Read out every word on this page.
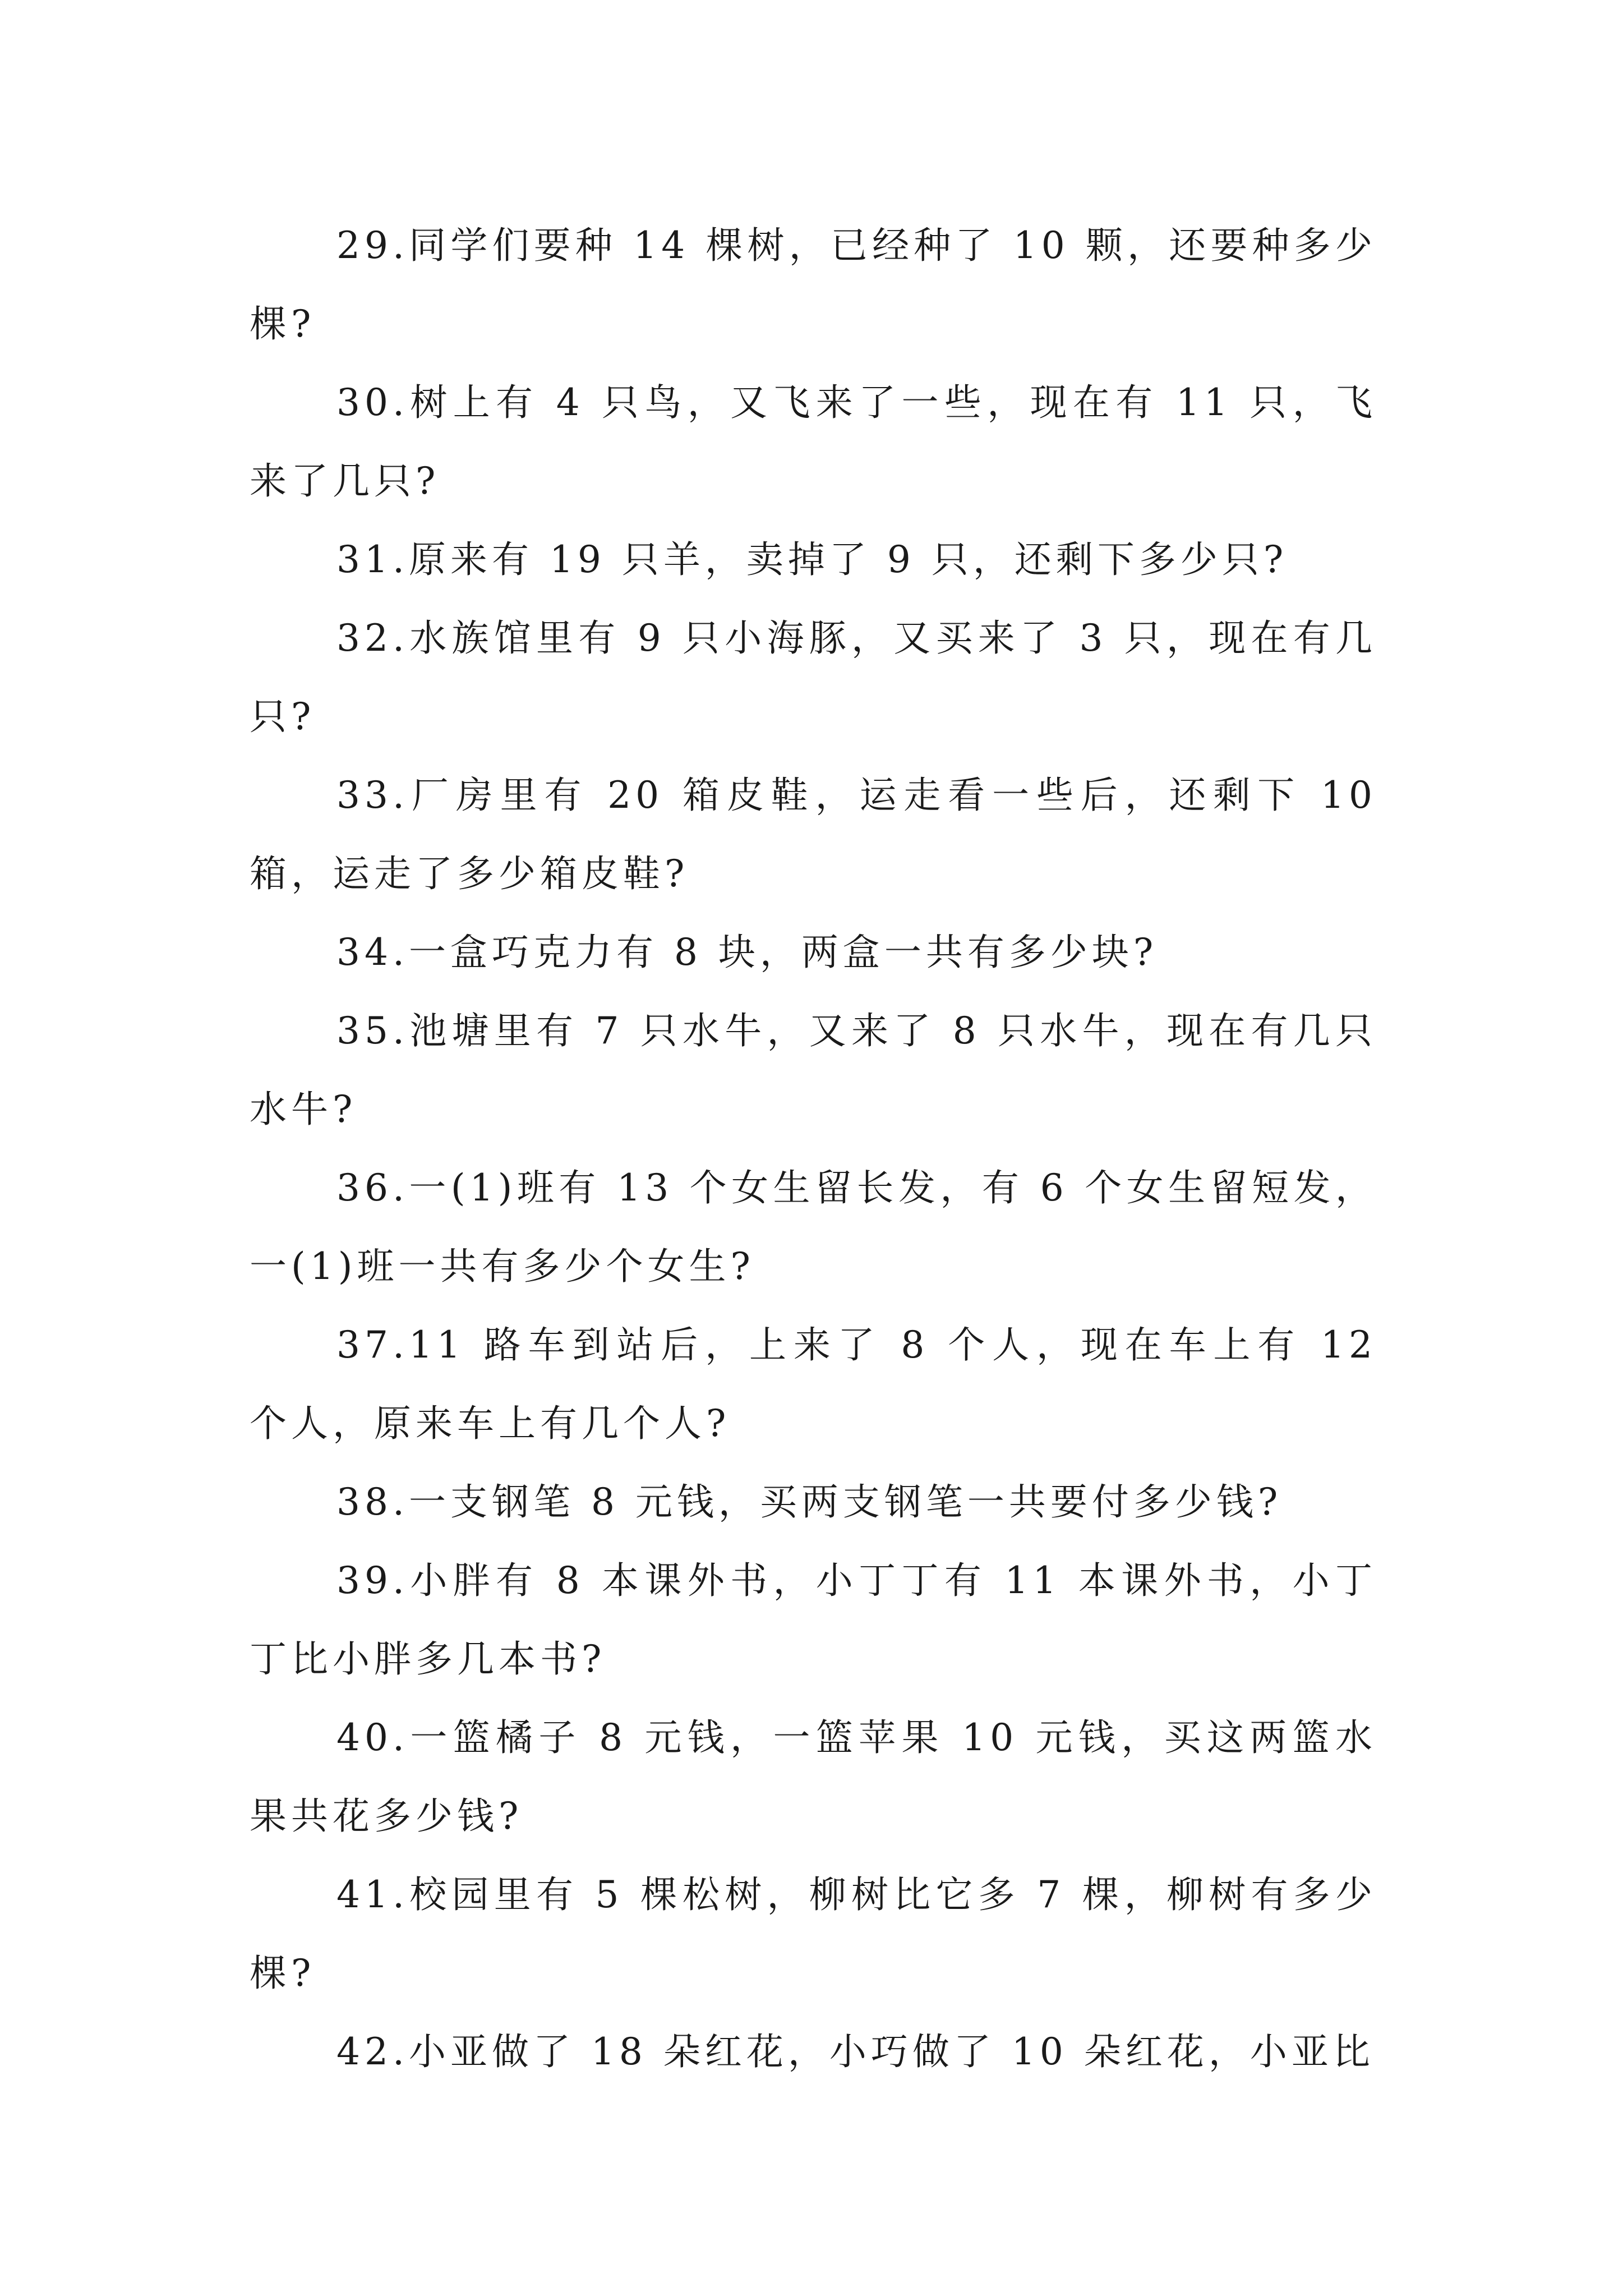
29.同学们要种 14 棵树，已经种了 10 颗，还要种多少棵?

30.树上有 4 只鸟，又飞来了一些，现在有 11 只，飞来了几只?

31.原来有 19 只羊，卖掉了 9 只，还剩下多少只?

32.水族馆里有 9 只小海豚，又买来了 3 只，现在有几只?

33.厂房里有 20 箱皮鞋，运走看一些后，还剩下 10 箱，运走了多少箱皮鞋?

34.一盒巧克力有 8 块，两盒一共有多少块?

35.池塘里有 7 只水牛，又来了 8 只水牛，现在有几只水牛?

36.一(1)班有 13 个女生留长发，有 6 个女生留短发，一(1)班一共有多少个女生?

37.11 路车到站后，上来了 8 个人，现在车上有 12 个人，原来车上有几个人?

38.一支钢笔 8 元钱，买两支钢笔一共要付多少钱?

39.小胖有 8 本课外书，小丁丁有 11 本课外书，小丁丁比小胖多几本书?

40.一篮橘子 8 元钱，一篮苹果 10 元钱，买这两篮水果共花多少钱?

41.校园里有 5 棵松树，柳树比它多 7 棵，柳树有多少棵?

42.小亚做了 18 朵红花，小巧做了 10 朵红花，小亚比
